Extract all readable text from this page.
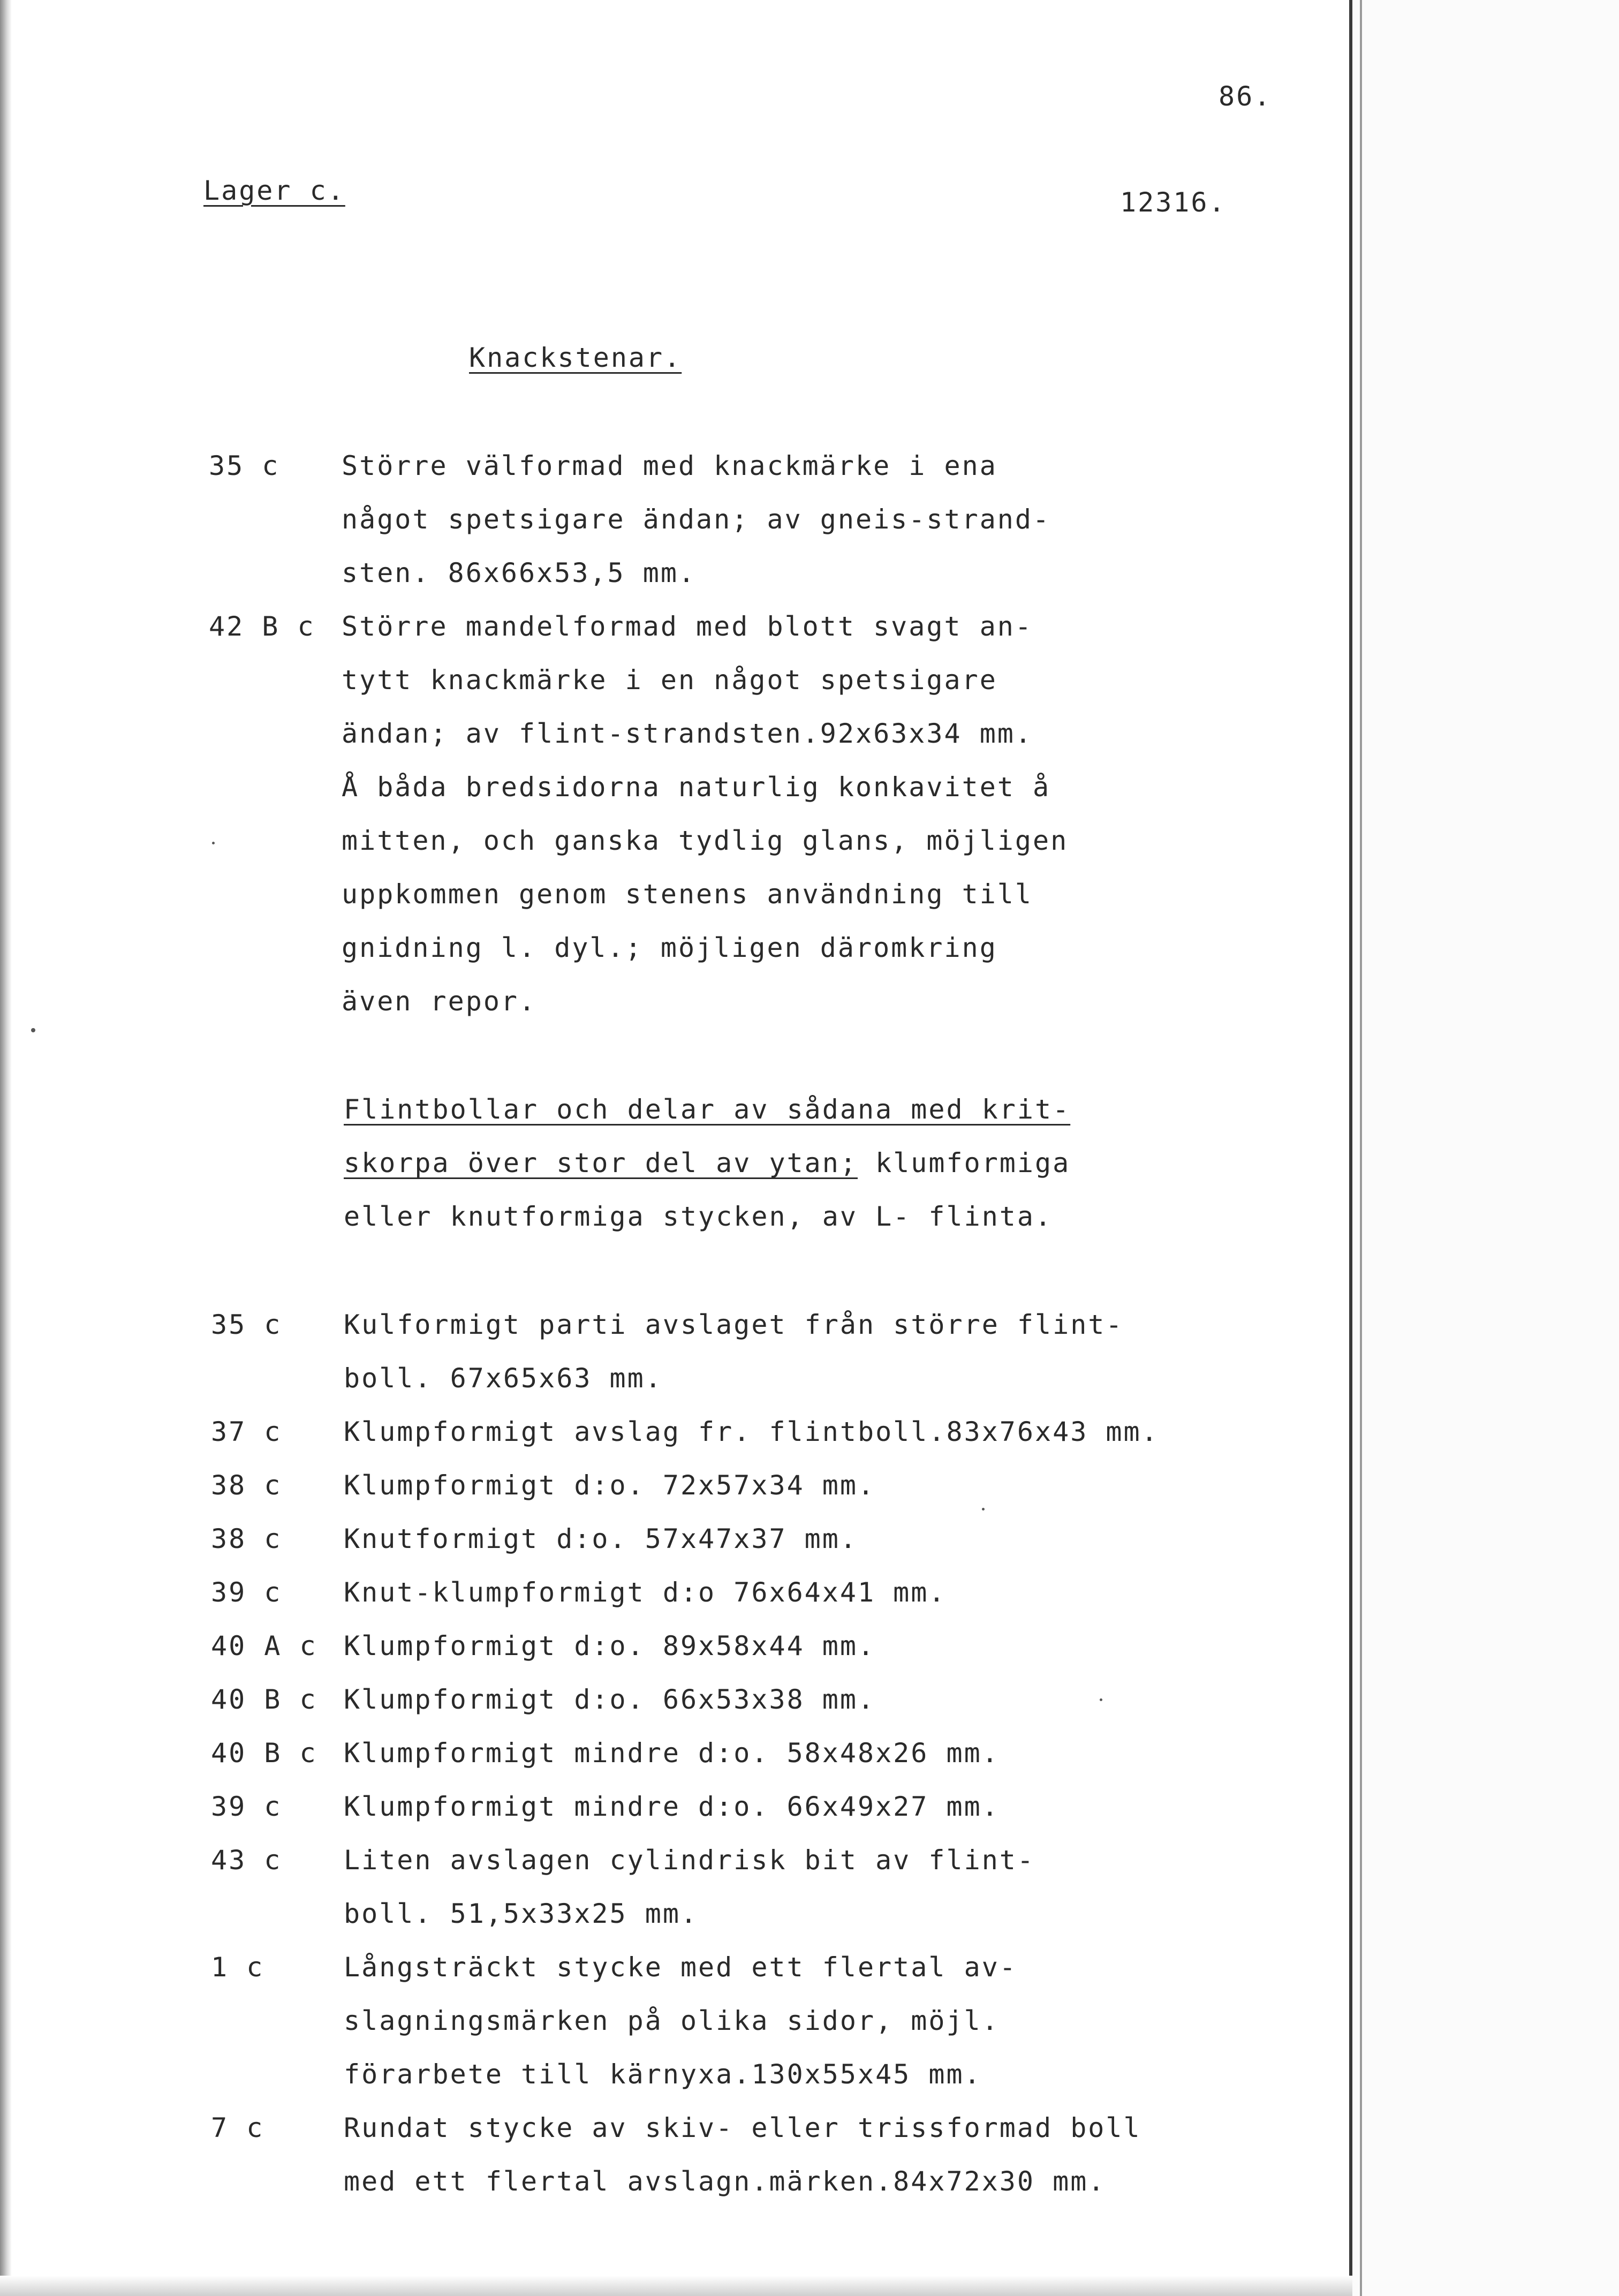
86.
Lager c.	12316.
Knackstenar.
35 c Större välformad med knackmärke i ena
något spetsigare ändan; av gneis-strand-
sten. 86x66x53,5 mm.
42 B c Större mandelformad med blott svagt an-
tytt knackmärke i en något spetsigare
ändan; av flint-strandsten.92x63x34 mm.
Å båda bredsidorna naturlig konkavitet å
mitten, och ganska tydlig glans, möjligen
uppkommen genom stenens användning till
gnidning l. dyl.; möjligen däromkring
även repor.
Flintbollar och delar av sådana med krit-
skorpa över stor del av ytan; klumformiga
eller knutformiga stycken, av L- flinta.
35 c Kulformigt parti avslaget från större flint-
boll. 67x65x63 mm.
37 c Klumpformigt avslag fr. flintboll.83x76x43 mm.
38 c Klumpformigt d:o. 72x57x34 mm.
38 c Knutformigt d:o. 57x47x37 mm.
39 c Knut-klumpformigt d:o 76x64x41 mm.
40 A c Klumpformigt d:o. 89x58x44 mm.
40 B c Klumpformigt d:o. 66x53x38 mm.
40 B c Klumpformigt mindre d:o. 58x48x26 mm.
39 c Klumpformigt mindre d:o. 66x49x27 mm.
43 c Liten avslagen cylindrisk bit av flint-
boll. 51,5x33x25 mm.
1 c	Långsträckt stycke med ett flertal av-
slagningsmärken på olika sidor, möjl.
förarbete till kärnyxa.130x55x45 mm.
7 c	Rundat stycke av skiv- eller trissformad boll
med ett flertal avslagn.märken.84x72x30 mm.
